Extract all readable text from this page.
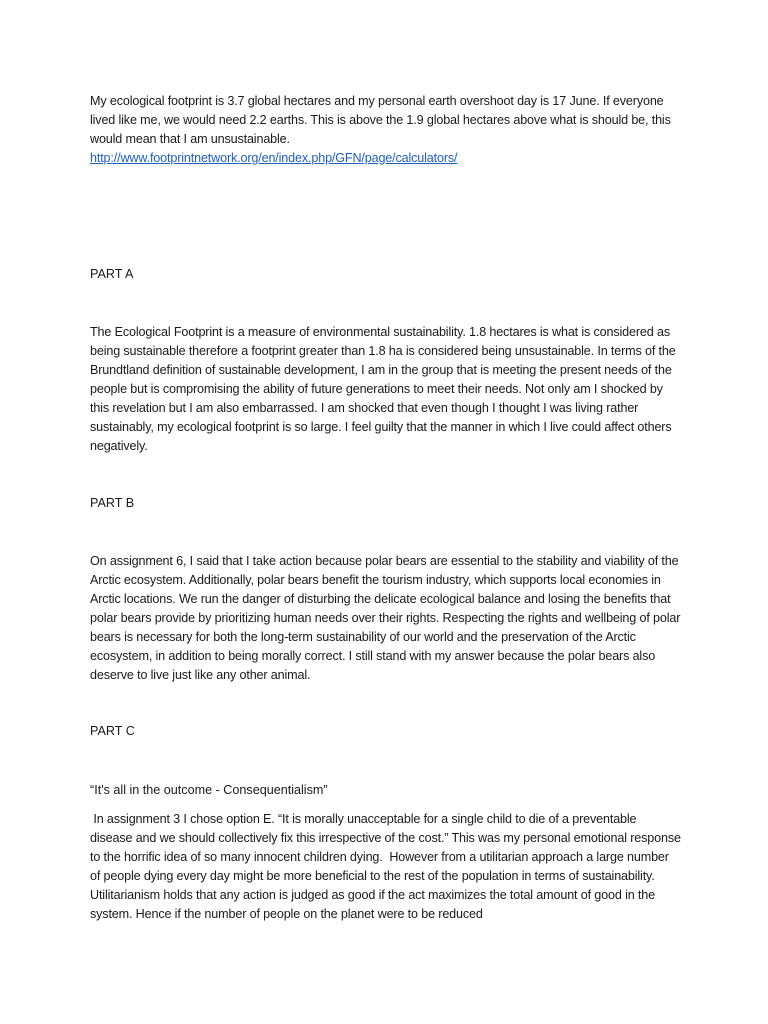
My ecological footprint is 3.7 global hectares and my personal earth overshoot day is 17 June. If everyone lived like me, we would need 2.2 earths. This is above the 1.9 global hectares above what is should be, this would mean that I am unsustainable.
http://www.footprintnetwork.org/en/index.php/GFN/page/calculators/

PART A

The Ecological Footprint is a measure of environmental sustainability. 1.8 hectares is what is considered as being sustainable therefore a footprint greater than 1.8 ha is considered being unsustainable. In terms of the Brundtland definition of sustainable development, I am in the group that is meeting the present needs of the people but is compromising the ability of future generations to meet their needs. Not only am I shocked by this revelation but I am also embarrassed. I am shocked that even though I thought I was living rather sustainably, my ecological footprint is so large. I feel guilty that the manner in which I live could affect others negatively.

PART B

On assignment 6, I said that I take action because polar bears are essential to the stability and viability of the Arctic ecosystem. Additionally, polar bears benefit the tourism industry, which supports local economies in Arctic locations. We run the danger of disturbing the delicate ecological balance and losing the benefits that polar bears provide by prioritizing human needs over their rights. Respecting the rights and wellbeing of polar bears is necessary for both the long-term sustainability of our world and the preservation of the Arctic ecosystem, in addition to being morally correct. I still stand with my answer because the polar bears also deserve to live just like any other animal.

PART C

“It's all in the outcome - Consequentialism”

In assignment 3 I chose option E. “It is morally unacceptable for a single child to die of a preventable disease and we should collectively fix this irrespective of the cost.” This was my personal emotional response to the horrific idea of so many innocent children dying.  However from a utilitarian approach a large number of people dying every day might be more beneficial to the rest of the population in terms of sustainability. Utilitarianism holds that any action is judged as good if the act maximizes the total amount of good in the system. Hence if the number of people on the planet were to be reduced
